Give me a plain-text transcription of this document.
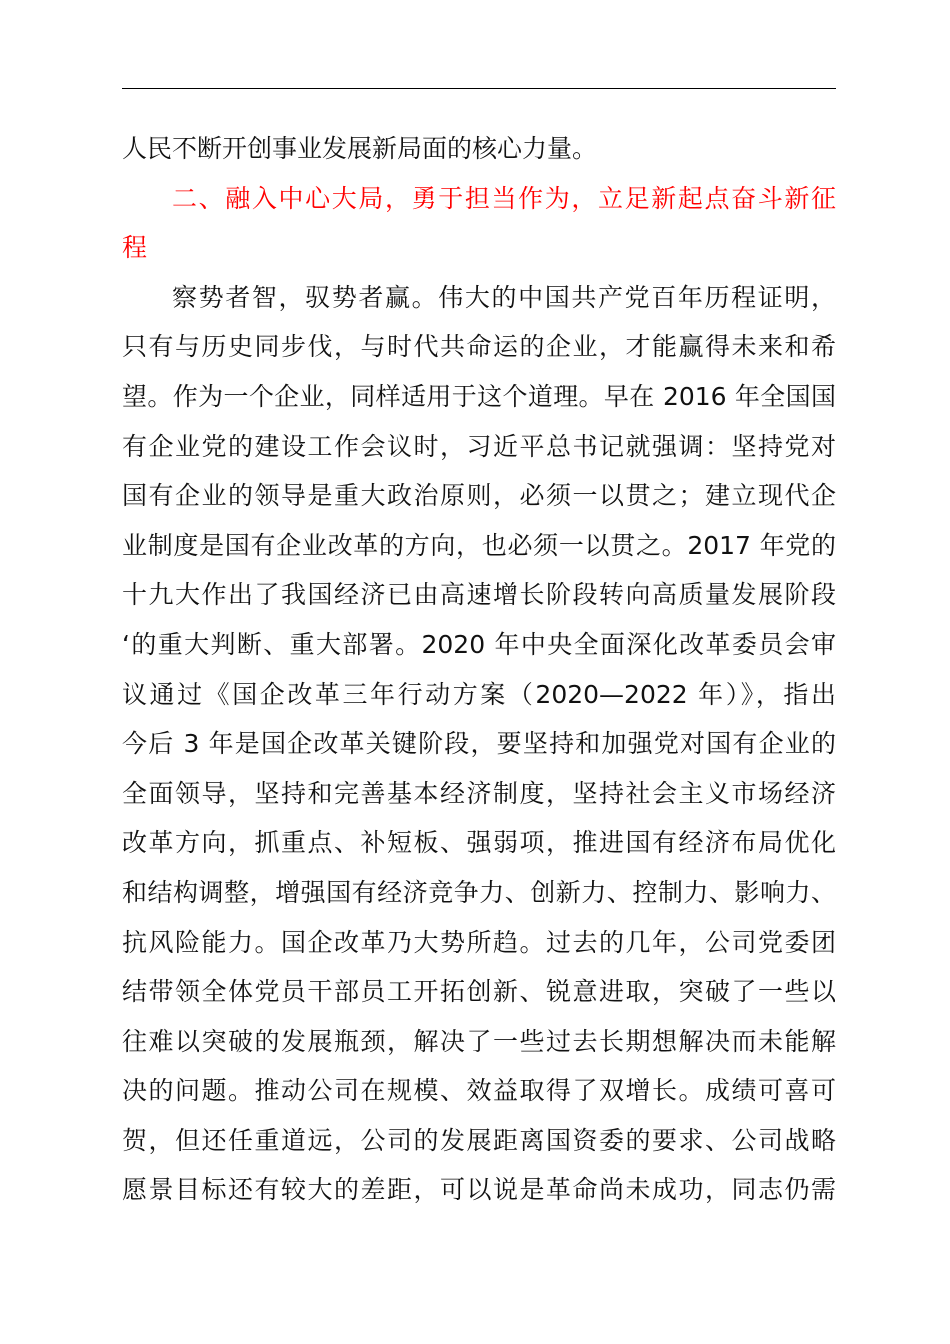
人民不断开创事业发展新局面的核心力量。
二、融入中心大局，勇于担当作为，立足新起点奋斗新征
程
察势者智，驭势者赢。伟大的中国共产党百年历程证明，
只有与历史同步伐，与时代共命运的企业，才能赢得未来和希
望。作为一个企业，同样适用于这个道理。早在 2016 年全国国
有企业党的建设工作会议时，习近平总书记就强调：坚持党对
国有企业的领导是重大政治原则，必须一以贯之；建立现代企
业制度是国有企业改革的方向，也必须一以贯之。2017 年党的
十九大作出了我国经济已由高速增长阶段转向高质量发展阶段
‘的重大判断、重大部署。2020 年中央全面深化改革委员会审
议通过《国企改革三年行动方案（2020—2022 年）》，指出
今后 3 年是国企改革关键阶段，要坚持和加强党对国有企业的
全面领导，坚持和完善基本经济制度，坚持社会主义市场经济
改革方向，抓重点、补短板、强弱项，推进国有经济布局优化
和结构调整，增强国有经济竞争力、创新力、控制力、影响力、
抗风险能力。国企改革乃大势所趋。过去的几年，公司党委团
结带领全体党员干部员工开拓创新、锐意进取，突破了一些以
往难以突破的发展瓶颈，解决了一些过去长期想解决而未能解
决的问题。推动公司在规模、效益取得了双增长。成绩可喜可
贺，但还任重道远，公司的发展距离国资委的要求、公司战略
愿景目标还有较大的差距，可以说是革命尚未成功，同志仍需
